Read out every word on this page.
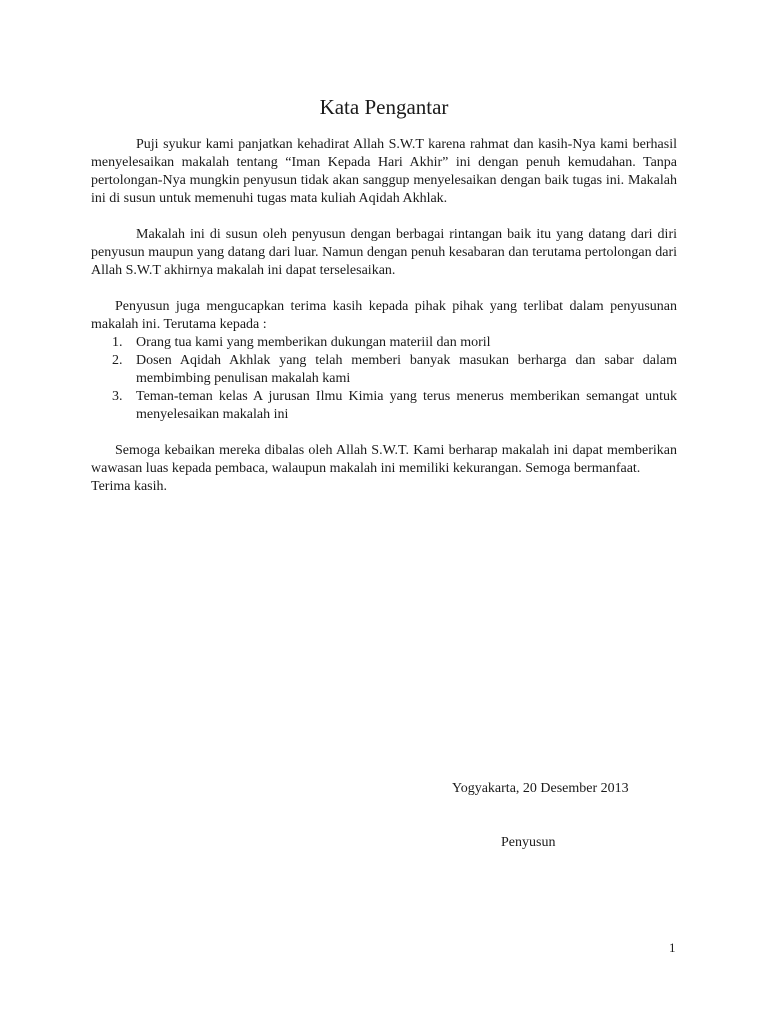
Kata Pengantar

Puji syukur kami panjatkan kehadirat Allah S.W.T karena rahmat dan kasih-Nya kami berhasil menyelesaikan makalah tentang “Iman Kepada Hari Akhir” ini dengan penuh kemudahan. Tanpa pertolongan-Nya mungkin penyusun tidak akan sanggup menyelesaikan dengan baik tugas ini. Makalah ini di susun untuk memenuhi tugas mata kuliah Aqidah Akhlak.

Makalah ini di susun oleh penyusun dengan berbagai rintangan baik itu yang datang dari diri penyusun maupun yang datang dari luar. Namun dengan penuh kesabaran dan terutama pertolongan dari Allah S.W.T akhirnya makalah ini dapat terselesaikan.

Penyusun juga mengucapkan terima kasih kepada pihak pihak yang terlibat dalam penyusunan makalah ini. Terutama kepada :

1. Orang tua kami yang memberikan dukungan materiil dan moril
2. Dosen Aqidah Akhlak yang telah memberi banyak masukan berharga dan sabar dalam membimbing penulisan makalah kami
3. Teman-teman kelas A jurusan Ilmu Kimia yang terus menerus memberikan semangat untuk menyelesaikan makalah ini

Semoga kebaikan mereka dibalas oleh Allah S.W.T. Kami berharap makalah ini dapat memberikan wawasan luas kepada pembaca, walaupun makalah ini memiliki kekurangan. Semoga bermanfaat.

Terima kasih.

Yogyakarta, 20 Desember 2013
Penyusun
1
